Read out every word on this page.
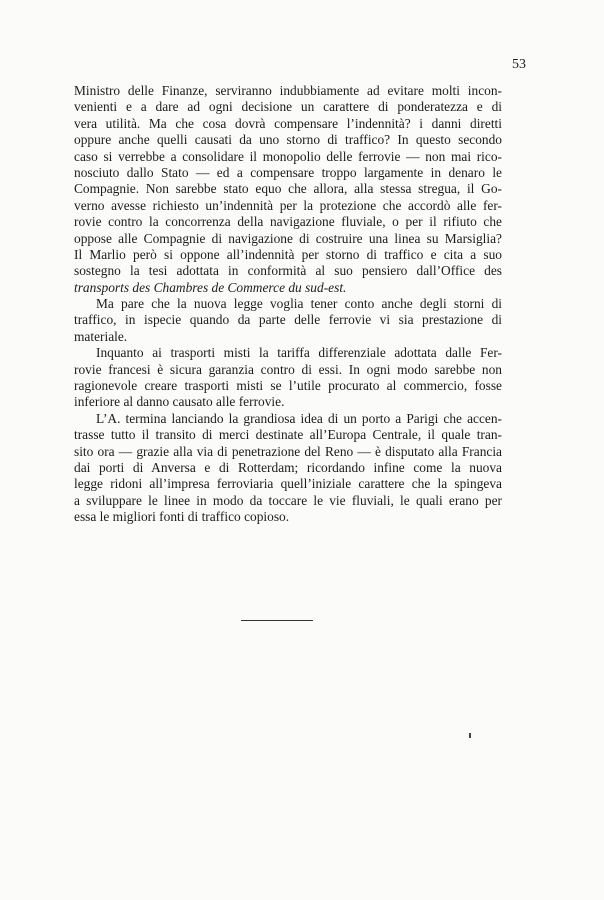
53

Ministro delle Finanze, serviranno indubbiamente ad evitare molti incon-
venienti e a dare ad ogni decisione un carattere di ponderatezza e di
vera utilità. Ma che cosa dovrà compensare l’indennità? i danni diretti
oppure anche quelli causati da uno storno di traffico? In questo secondo
caso si verrebbe a consolidare il monopolio delle ferrovie — non mai rico-
nosciuto dallo Stato — ed a compensare troppo largamente in denaro le
Compagnie. Non sarebbe stato equo che allora, alla stessa stregua, il Go-
verno avesse richiesto un’indennità per la protezione che accordò alle fer-
rovie contro la concorrenza della navigazione fluviale, o per il rifiuto che
oppose alle Compagnie di navigazione di costruire una linea su Marsiglia?
Il Marlio però si oppone all’indennità per storno di traffico e cita a suo
sostegno la tesi adottata in conformità al suo pensiero dall’Office des
transports des Chambres de Commerce du sud-est.

Ma pare che la nuova legge voglia tener conto anche degli storni di
traffico, in ispecie quando da parte delle ferrovie vi sia prestazione di
materiale.

Inquanto ai trasporti misti la tariffa differenziale adottata dalle Fer-
rovie francesi è sicura garanzia contro di essi. In ogni modo sarebbe non
ragionevole creare trasporti misti se l’utile procurato al commercio, fosse
inferiore al danno causato alle ferrovie.

L’A. termina lanciando la grandiosa idea di un porto a Parigi che accen-
trasse tutto il transito di merci destinate all’Europa Centrale, il quale tran-
sito ora — grazie alla via di penetrazione del Reno — è disputato alla Francia
dai porti di Anversa e di Rotterdam; ricordando infine come la nuova
legge ridoni all’impresa ferroviaria quell’iniziale carattere che la spingeva
a sviluppare le linee in modo da toccare le vie fluviali, le quali erano per
essa le migliori fonti di traffico copioso.
